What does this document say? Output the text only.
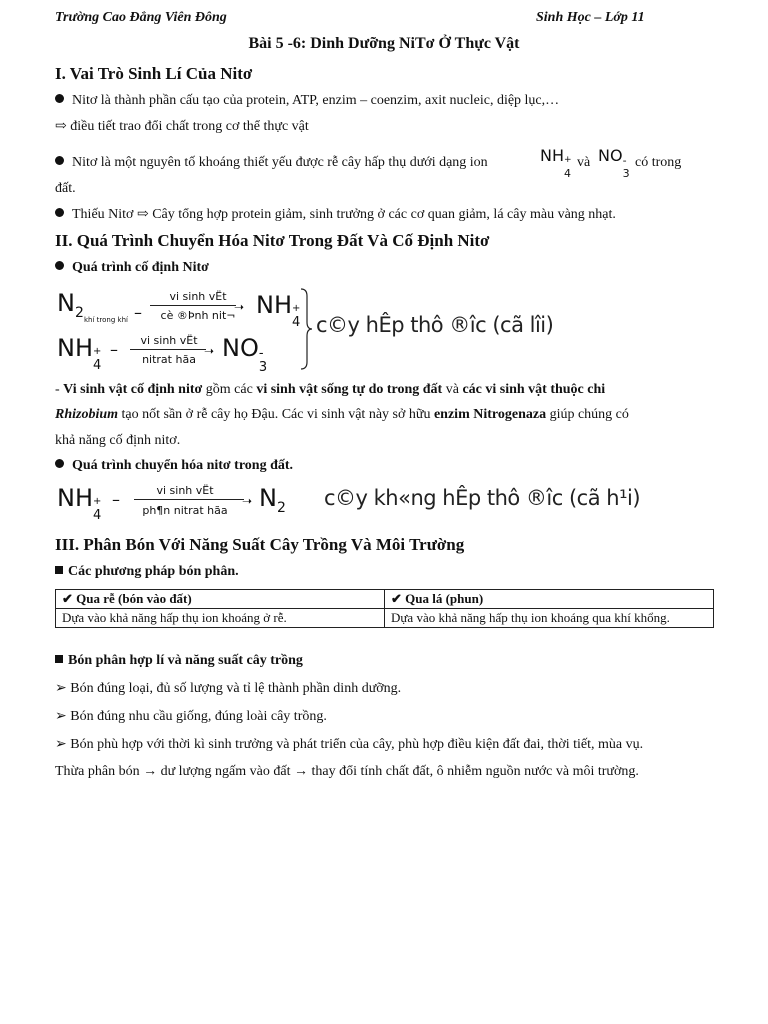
Trường Cao Đẳng Viên Đông	Sinh Học – Lớp 11
Bài 5 -6: Dinh Dưỡng NiTơ Ở Thực Vật
I. Vai Trò Sinh Lí Của Nitơ
Nitơ là thành phần cấu tạo của protein, ATP, enzim – coenzim, axit nucleic, diệp lục,…
⇨ điều tiết trao đổi chất trong cơ thể thực vật
Nitơ là một nguyên tố khoáng thiết yếu được rễ cây hấp thụ dưới dạng ion	NH +
4
và NO -
3
có trong
đất.
Thiếu Nitơ ⇨ Cây tổng hợp protein giảm, sinh trưởng ở các cơ quan giảm, lá cây màu vàng nhạt.
II. Quá Trình Chuyển Hóa Nitơ Trong Đất Và Cố Định Nitơ
Quá trình cố định Nitơ
$N_2$ khí trong khí –
vi sinh vËt
➝
cè ®Þnh nit¬ NH +
4
NH +
4
–	vi sinh vËt
➝
nitrat hãa	NO -
3
c©y hÊp thô ®îc (cã lîi)
- Vi sinh vật cố định nitơ gồm các vi sinh vật sống tự do trong đất và các vi sinh vật thuộc chi
Rhizobium tạo nốt sần ở rễ cây họ Đậu. Các vi sinh vật này sở hữu enzim Nitrogenaza giúp chúng có
khả năng cố định nitơ.
Quá trình chuyển hóa nitơ trong đất.
NH +
4
–	vi sinh vËt
➝
ph¶n nitrat hãa	$N_2$ c©y kh«ng hÊp thô ®îc (cã h¹i)
III. Phân Bón Với Năng Suất Cây Trồng Và Môi Trường
Các phương pháp bón phân.
✔ Qua rễ (bón vào đất)	✔ Qua lá (phun)
Dựa vào khả năng hấp thụ ion khoáng ở rễ.	Dựa vào khả năng hấp thụ ion khoáng qua khí khổng.
Bón phân hợp lí và năng suất cây trồng
➢ Bón đúng loại, đủ số lượng và tỉ lệ thành phần dinh dưỡng.
➢ Bón đúng nhu cầu giống, đúng loài cây trồng.
➢ Bón phù hợp với thời kì sinh trưởng và phát triển của cây, phù hợp điều kiện đất đai, thời tiết, mùa vụ.
Thừa phân bón → dư lượng ngấm vào đất → thay đổi tính chất đất, ô nhiễm nguồn nước và môi trường.
